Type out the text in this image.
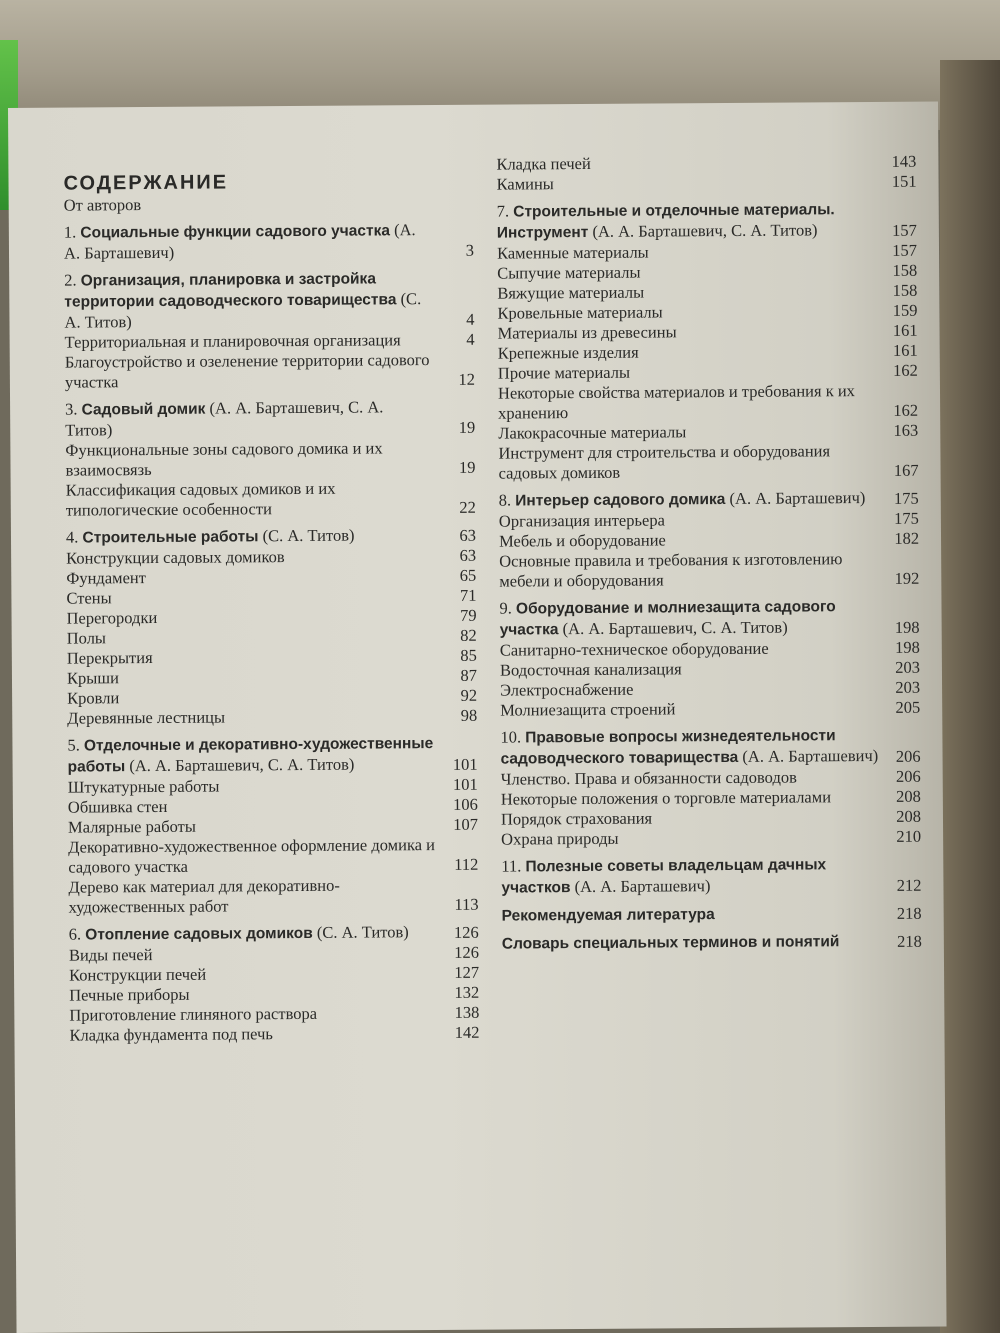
СОДЕРЖАНИЕ
От авторов
1. Социальные функции садового участка (А. А. Барташевич)	3
2. Организация, планировка и застройка территории садоводческого товарищества (С. А. Титов)	4
Территориальная и планировочная организация	4
Благоустройство и озеленение территории садового участка	12
3. Садовый домик (А. А. Барташевич, С. А. Титов)	19
Функциональные зоны садового домика и их взаимосвязь	19
Классификация садовых домиков и их типологические особенности	22
4. Строительные работы (С. А. Титов)	63
Конструкции садовых домиков	63
Фундамент	65
Стены	71
Перегородки	79
Полы	82
Перекрытия	85
Крыши	87
Кровли	92
Деревянные лестницы	98
5. Отделочные и декоративно-художественные работы (А. А. Барташевич, С. А. Титов)	101
Штукатурные работы	101
Обшивка стен	106
Малярные работы	107
Декоративно-художественное оформление домика и садового участка	112
Дерево как материал для декоративно-художественных работ	113
6. Отопление садовых домиков (С. А. Титов)	126
Виды печей	126
Конструкции печей	127
Печные приборы	132
Приготовление глиняного раствора	138
Кладка фундамента под печь	142
Кладка печей	143
Камины	151
7. Строительные и отделочные материалы. Инструмент (А. А. Барташевич, С. А. Титов)	157
Каменные материалы	157
Сыпучие материалы	158
Вяжущие материалы	158
Кровельные материалы	159
Материалы из древесины	161
Крепежные изделия	161
Прочие материалы	162
Некоторые свойства материалов и требования к их хранению	162
Лакокрасочные материалы	163
Инструмент для строительства и оборудования садовых домиков	167
8. Интерьер садового домика (А. А. Барташевич)	175
Организация интерьера	175
Мебель и оборудование	182
Основные правила и требования к изготовлению мебели и оборудования	192
9. Оборудование и молниезащита садового участка (А. А. Барташевич, С. А. Титов)	198
Санитарно-техническое оборудование	198
Водосточная канализация	203
Электроснабжение	203
Молниезащита строений	205
10. Правовые вопросы жизнедеятельности садоводческого товарищества (А. А. Барташевич)	206
Членство. Права и обязанности садоводов	206
Некоторые положения о торговле материалами	208
Порядок страхования	208
Охрана природы	210
11. Полезные советы владельцам дачных участков (А. А. Барташевич)	212
Рекомендуемая литература	218
Словарь специальных терминов и понятий	218
